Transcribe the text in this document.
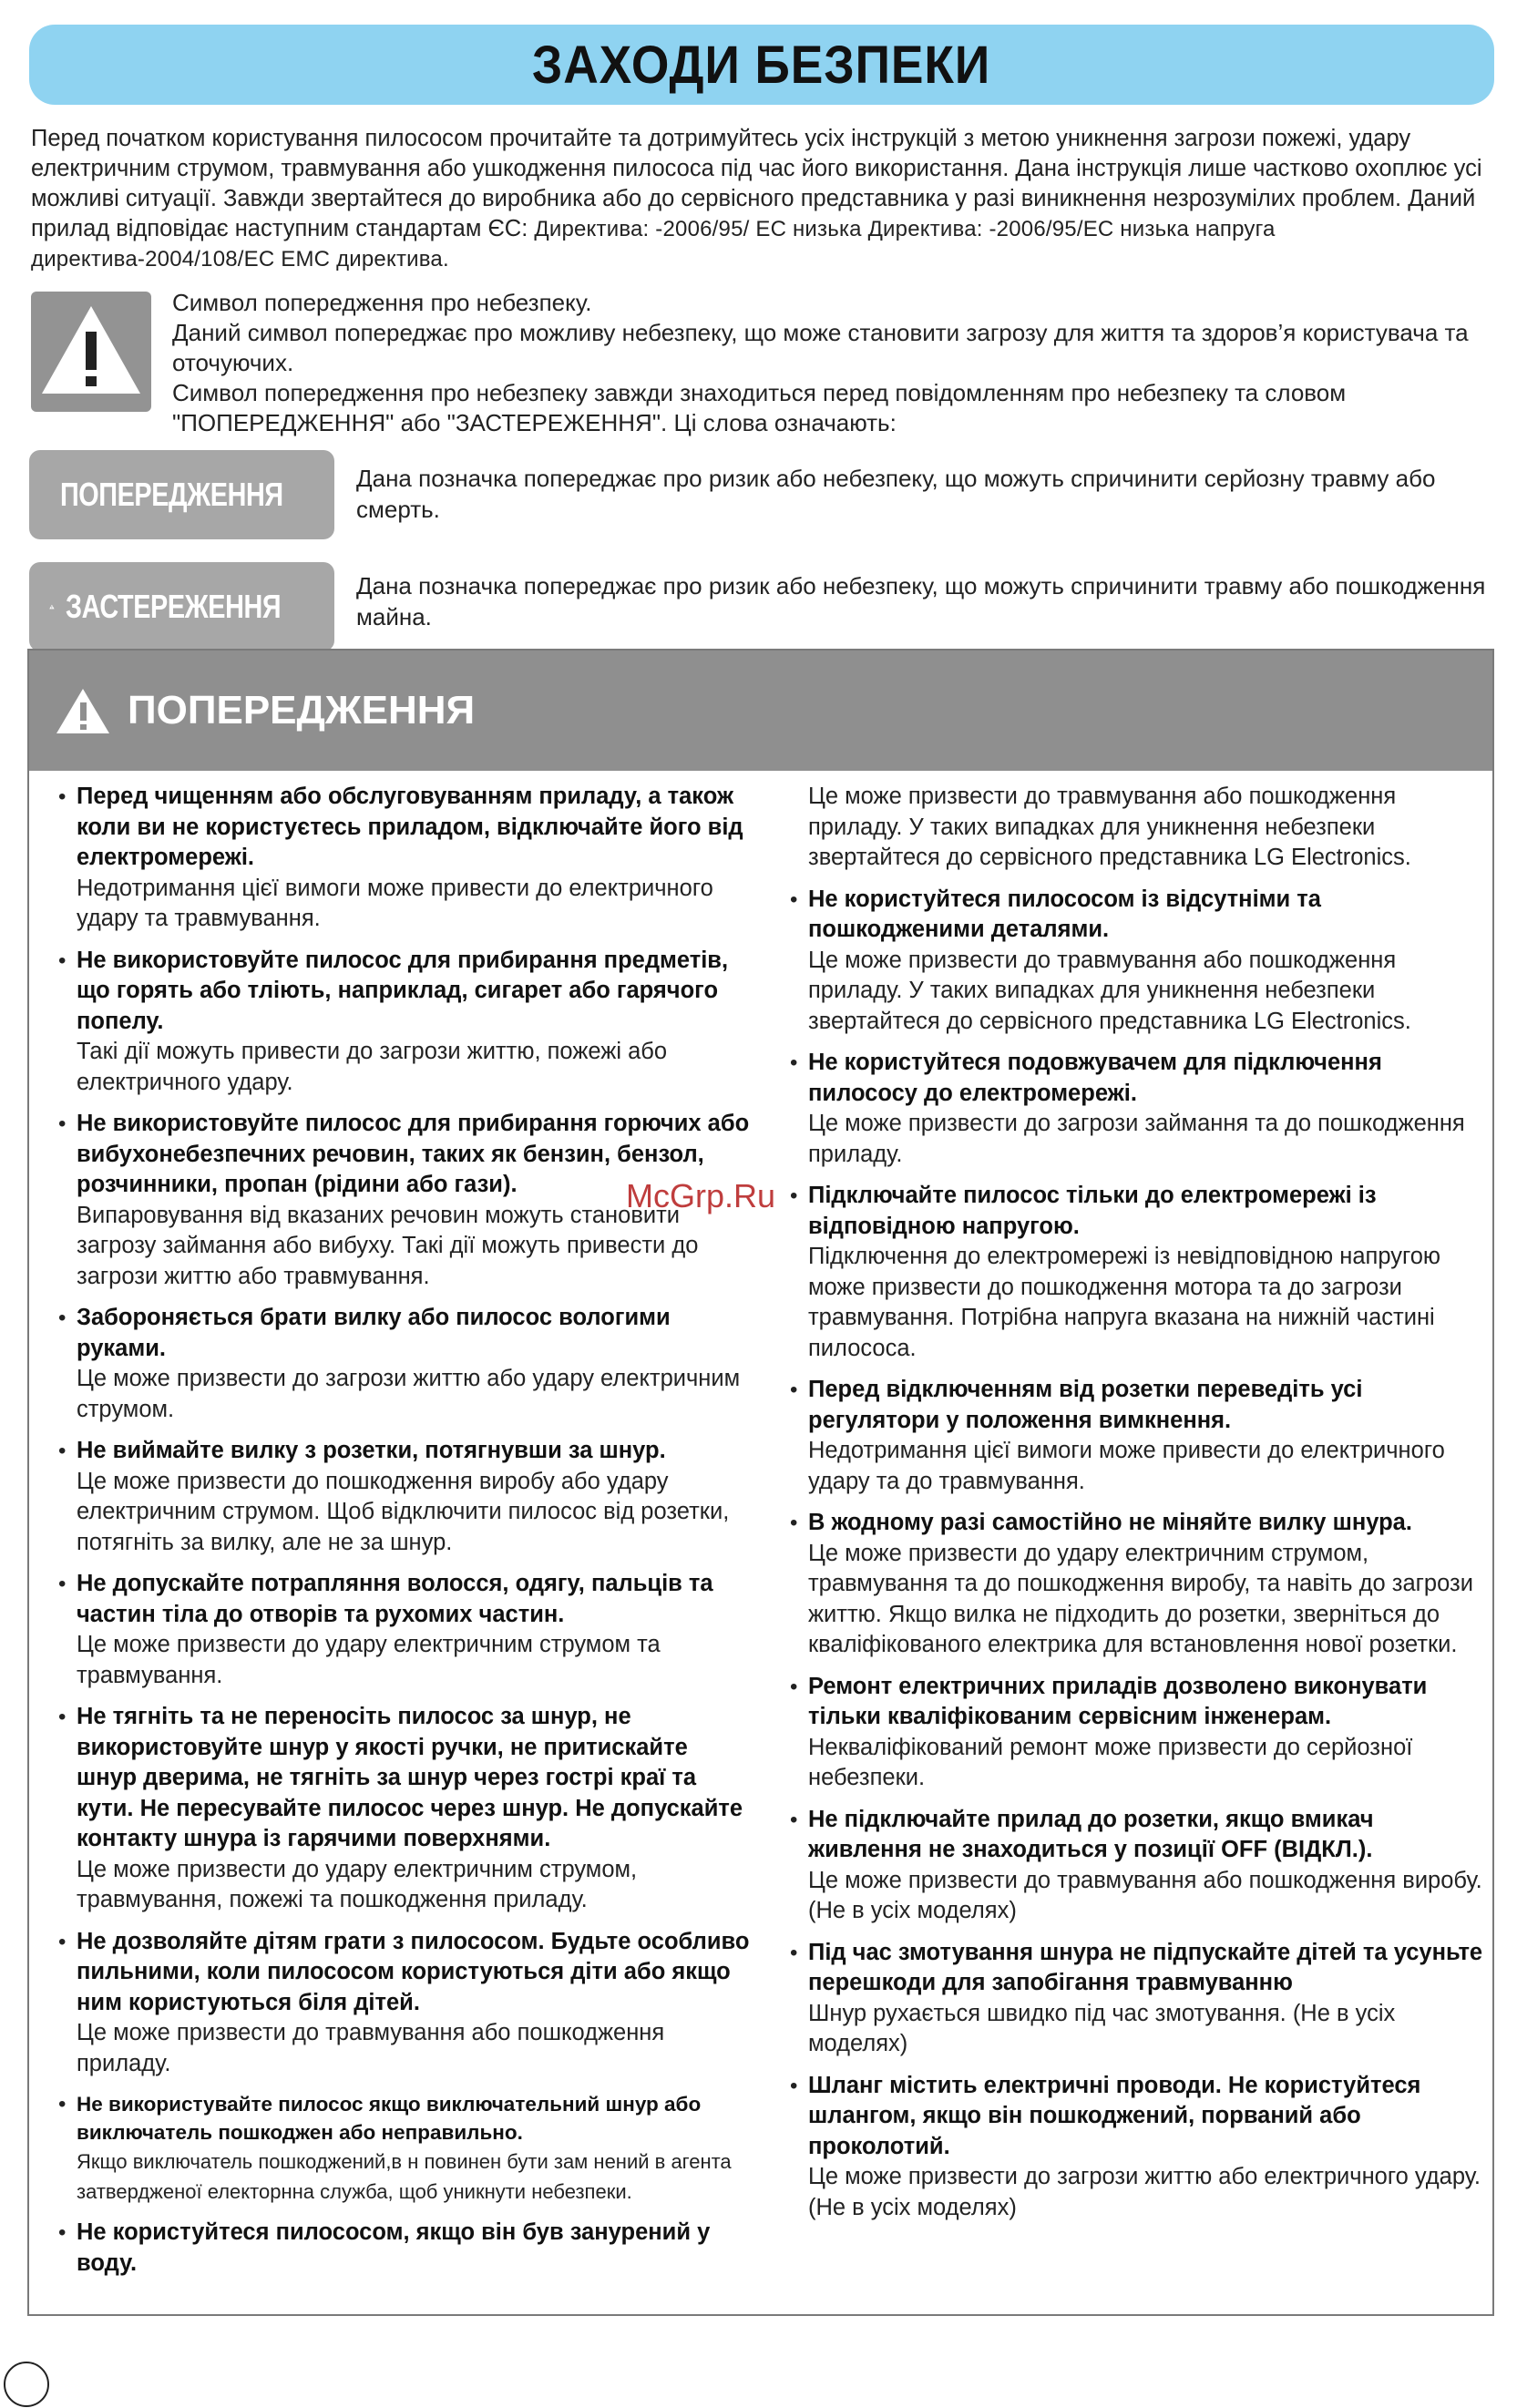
ЗАХОДИ БЕЗПЕКИ

Перед початком користування пилососом прочитайте та дотримуйтесь усіх інструкцій з метою уникнення загрози пожежі, удару електричним струмом, травмування або ушкодження пилососа під час його використання. Дана інструкція лише частково охоплює усі можливі ситуації. Завжди звертайтеся до виробника або до сервісного представника у разі виникнення незрозумілих проблем. Даний прилад відповідає наступним стандартам ЄС: Директива: -2006/95/ ЕС низька Директива: -2006/95/ЕС низька напруга директива-2004/108/ЕС ЕМС директива.

Символ попередження про небезпеку.

Даний символ попереджає про можливу небезпеку, що може становити загрозу для життя та здоров’я користувача та оточуючих.

Символ попередження про небезпеку завжди знаходиться перед повідомленням про небезпеку та словом "ПОПЕРЕДЖЕННЯ" або "ЗАСТЕРЕЖЕННЯ". Ці слова означають:

ПОПЕРЕДЖЕННЯ	Дана позначка попереджає про ризик або небезпеку, що можуть спричинити серйозну травму або смерть.
ЗАСТЕРЕЖЕННЯ
Дана позначка попереджає про ризик або небезпеку, що можуть спричинити травму або пошкодження майна.
ПОПЕРЕДЖЕННЯ
• Перед чищенням або обслуговуванням приладу, а також коли ви не користуєтесь приладом, відключайте його від електромережі.
Недотримання цієї вимоги може привести до електричного удару та травмування.
• Не використовуйте пилосос для прибирання предметів, що горять або тліють, наприклад, сигарет або гарячого попелу.
Такі дії можуть привести до загрози життю, пожежі або електричного удару.
• Не використовуйте пилосос для прибирання горючих або вибухонебезпечних речовин, таких як бензин, бензол, розчинники, пропан (рідини або гази).
Випаровування від вказаних речовин можуть становити загрозу займання або вибуху. Такі дії можуть привести до загрози життю або травмування.
• Забороняється брати вилку або пилосос вологими руками.
Це може призвести до загрози життю або удару електричним струмом.
• Не виймайте вилку з розетки, потягнувши за шнур.
Це може призвести до пошкодження виробу або удару електричним струмом. Щоб відключити пилосос від розетки, потягніть за вилку, але не за шнур.
• Не допускайте потрапляння волосся, одягу, пальців та частин тіла до отворів та рухомих частин.
Це може призвести до удару електричним струмом та травмування.
• Не тягніть та не переносіть пилосос за шнур, не використовуйте шнур у якості ручки, не притискайте шнур дверима, не тягніть за шнур через гострі краї та кути. Не пересувайте пилосос через шнур. Не допускайте контакту шнура із гарячими поверхнями.
Це може призвести до удару електричним струмом, травмування, пожежі та пошкодження приладу.
• Не дозволяйте дітям грати з пилососом. Будьте особливо пильними, коли пилососом користуються діти або якщо ним користуються біля дітей.
Це може призвести до травмування або пошкодження приладу.
• Не використувайте пилосос якщо виключательний шнур або виключатель пошкоджен або неправильно.
Якщо виключатель пошкоджений,в н повинен бути зам нений в агента затвердженої електорнна служба, щоб уникнути небезпеки.
• Не користуйтеся пилососом, якщо він був занурений у воду.
Це може призвести до травмування або пошкодження приладу. У таких випадках для уникнення небезпеки звертайтеся до сервісного представника LG Electronics.
• Не користуйтеся пилососом із відсутніми та пошкодженими деталями.
Це може призвести до травмування або пошкодження приладу. У таких випадках для уникнення небезпеки звертайтеся до сервісного представника LG Electronics.
• Не користуйтеся подовжувачем для підключення пилососу до електромережі.
Це може призвести до загрози займання та до пошкодження приладу.
• Підключайте пилосос тільки до електромережі із відповідною напругою.
Підключення до електромережі із невідповідною напругою може призвести до пошкодження мотора та до загрози травмування. Потрібна напруга вказана на нижній частині пилососа.
• Перед відключенням від розетки переведіть усі регулятори у положення вимкнення.
Недотримання цієї вимоги може привести до електричного удару та до травмування.
• В жодному разі самостійно не міняйте вилку шнура.
Це може призвести до удару електричним струмом, травмування та до пошкодження виробу, та навіть до загрози життю. Якщо вилка не підходить до розетки, зверніться до кваліфікованого електрика для встановлення нової розетки.
• Ремонт електричних приладів дозволено виконувати тільки кваліфікованим сервісним інженерам.
Некваліфікований ремонт може призвести до серйозної небезпеки.
• Не підключайте прилад до розетки, якщо вмикач живлення не знаходиться у позиції OFF (ВІДКЛ.).
Це може призвести до травмування або пошкодження виробу.(Не в усіх моделях)
• Під час змотування шнура не підпускайте дітей та усуньте перешкоди для запобігання травмуванню
Шнур рухається швидко під час змотування. (Не в усіх моделях)
• Шланг містить електричні проводи. Не користуйтеся шлангом, якщо він пошкоджений, порваний або проколотий.
Це може призвести до загрози життю або електричного удару.(Не в усіх моделях)
McGrp.Ru
